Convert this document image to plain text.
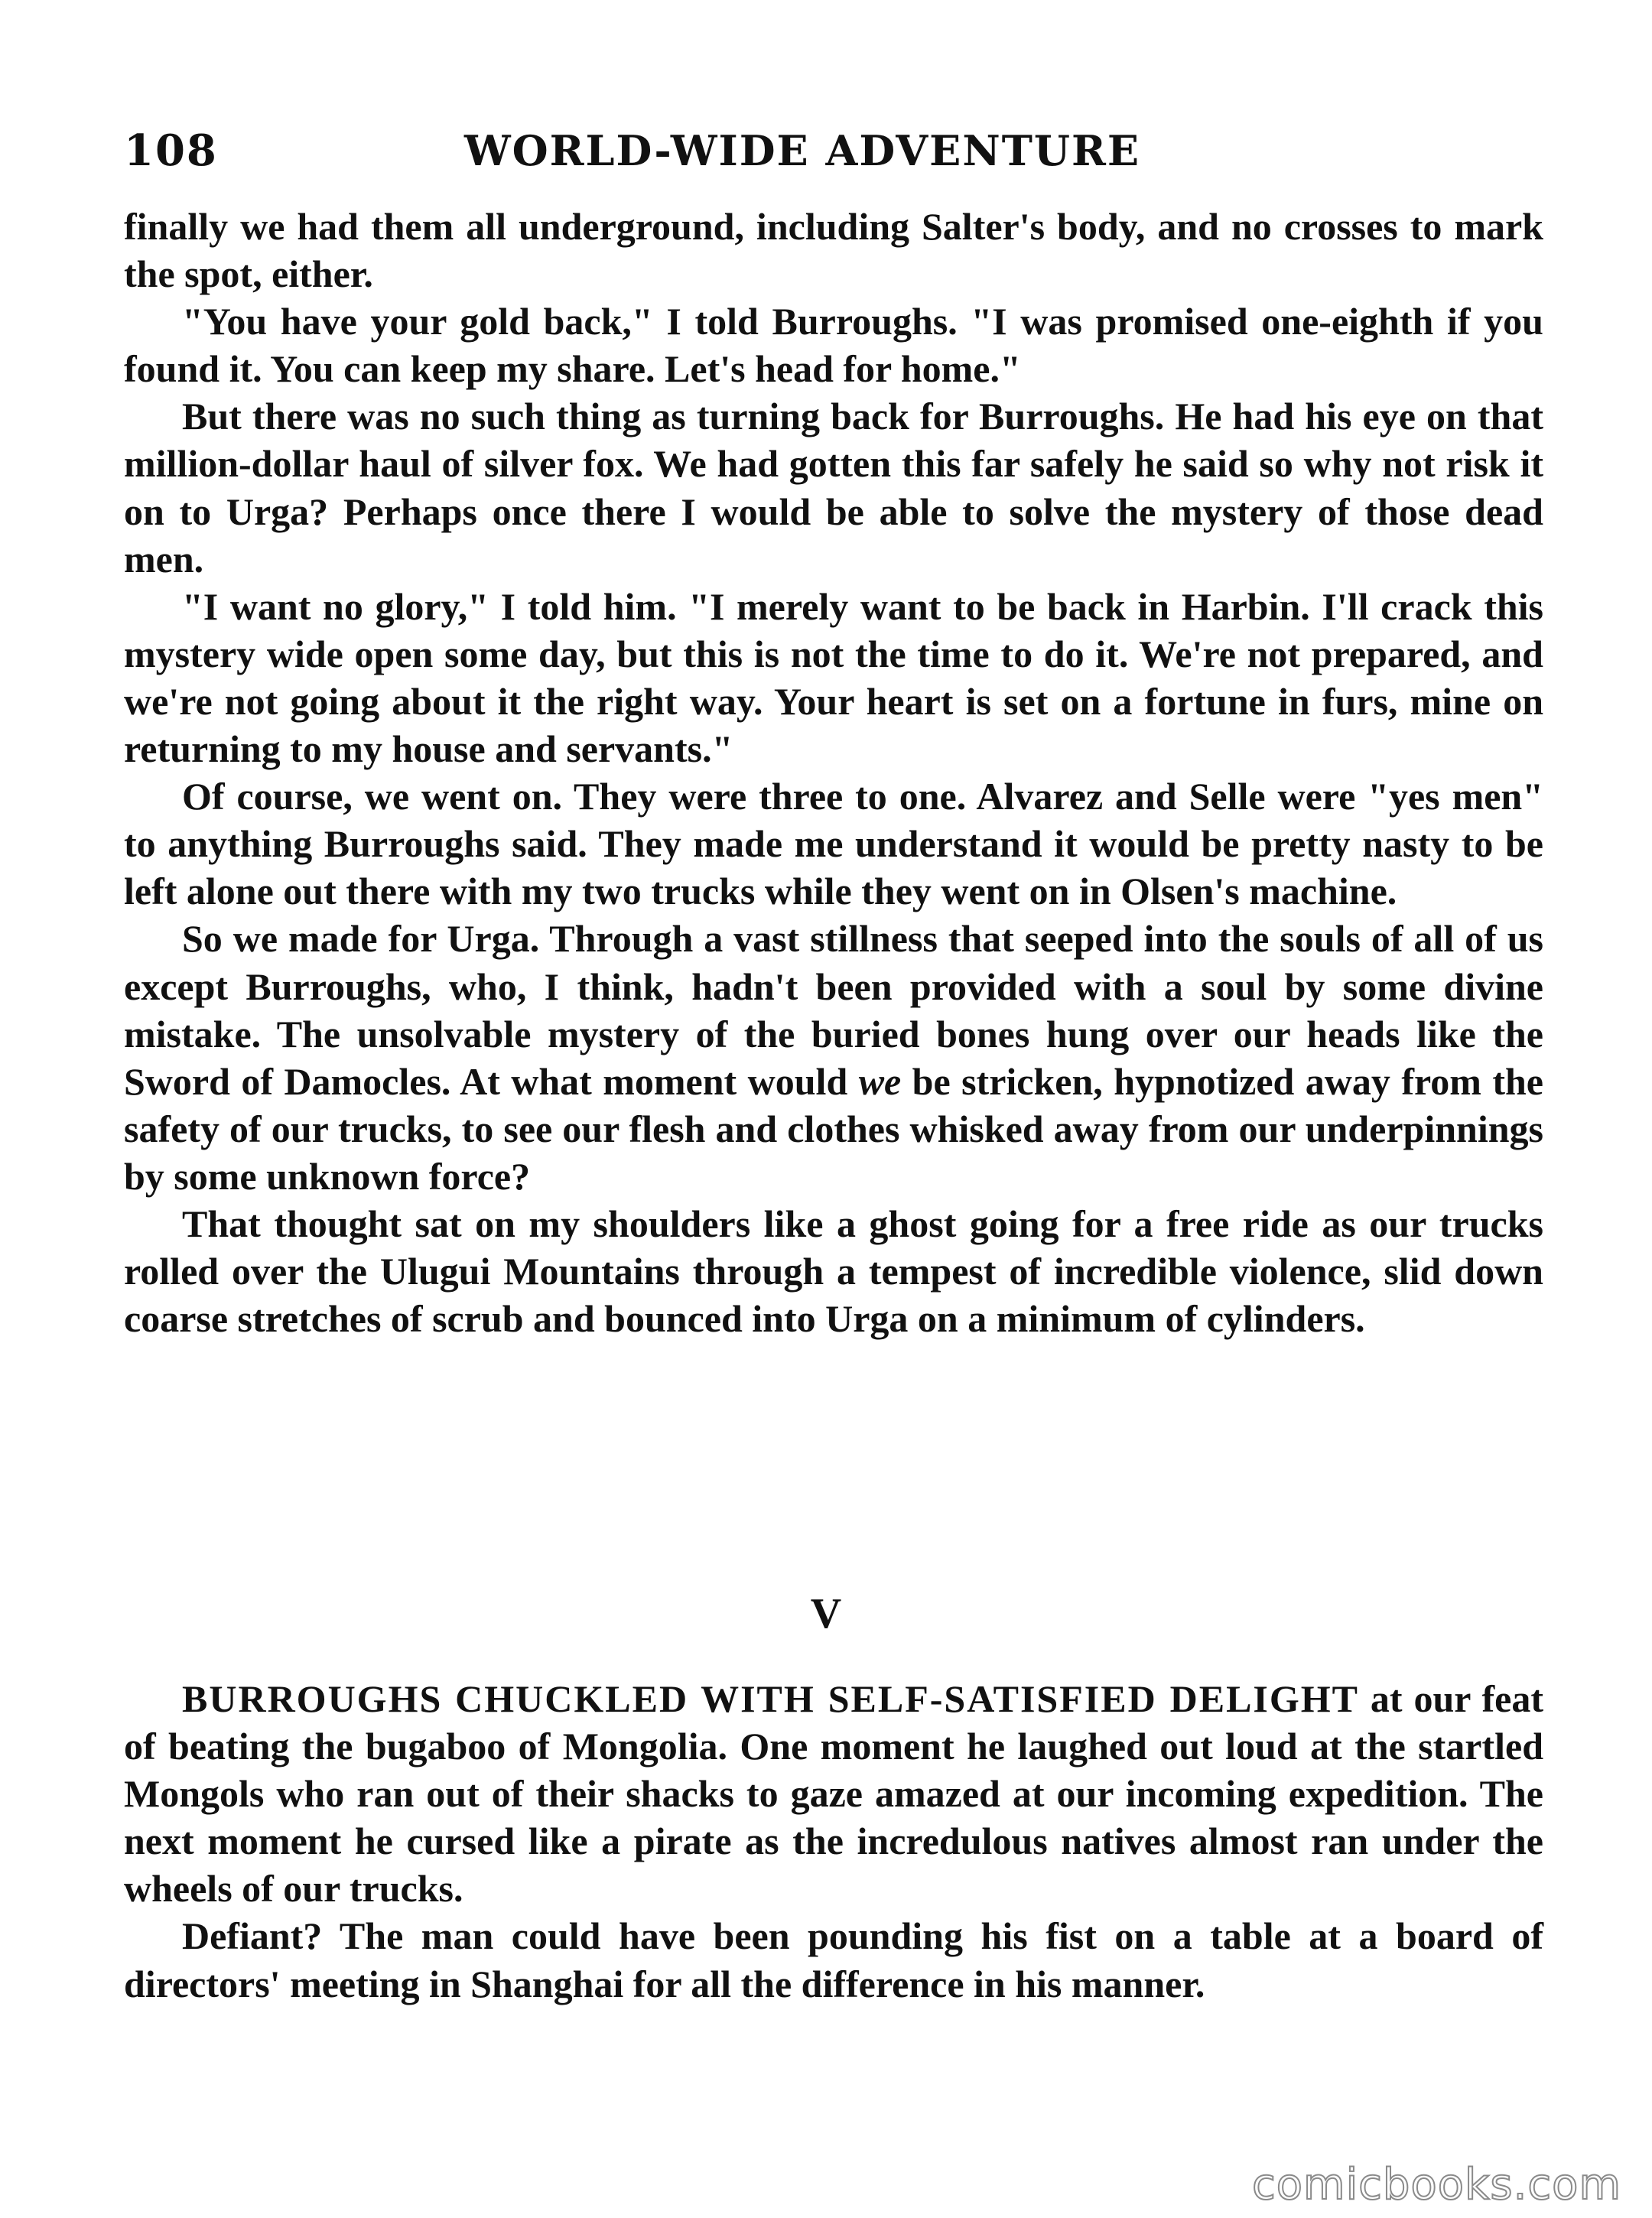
108	WORLD-WIDE ADVENTURE

finally we had them all underground, including Salter's body, and no crosses to mark the spot, either.

"You have your gold back," I told Burroughs. "I was promised one-eighth if you found it. You can keep my share. Let's head for home."

But there was no such thing as turning back for Burroughs. He had his eye on that million-dollar haul of silver fox. We had gotten this far safely he said so why not risk it on to Urga? Perhaps once there I would be able to solve the mystery of those dead men.

"I want no glory," I told him. "I merely want to be back in Harbin. I'll crack this mystery wide open some day, but this is not the time to do it. We're not prepared, and we're not going about it the right way. Your heart is set on a fortune in furs, mine on returning to my house and servants."

Of course, we went on. They were three to one. Alvarez and Selle were "yes men" to anything Burroughs said. They made me understand it would be pretty nasty to be left alone out there with my two trucks while they went on in Olsen's machine.

So we made for Urga. Through a vast stillness that seeped into the souls of all of us except Burroughs, who, I think, hadn't been provided with a soul by some divine mistake. The unsolvable mystery of the buried bones hung over our heads like the Sword of Damocles. At what moment would we be stricken, hypnotized away from the safety of our trucks, to see our flesh and clothes whisked away from our underpinnings by some unknown force?

That thought sat on my shoulders like a ghost going for a free ride as our trucks rolled over the Ulugui Mountains through a tempest of incredible violence, slid down coarse stretches of scrub and bounced into Urga on a minimum of cylinders.

V

BURROUGHS CHUCKLED WITH SELF-SATISFIED DELIGHT at our feat of beating the bugaboo of Mongolia. One moment he laughed out loud at the startled Mongols who ran out of their shacks to gaze amazed at our incoming expedition. The next moment he cursed like a pirate as the incredulous natives almost ran under the wheels of our trucks.

Defiant? The man could have been pounding his fist on a table at a board of directors' meeting in Shanghai for all the difference in his manner.

comicbooks.com
